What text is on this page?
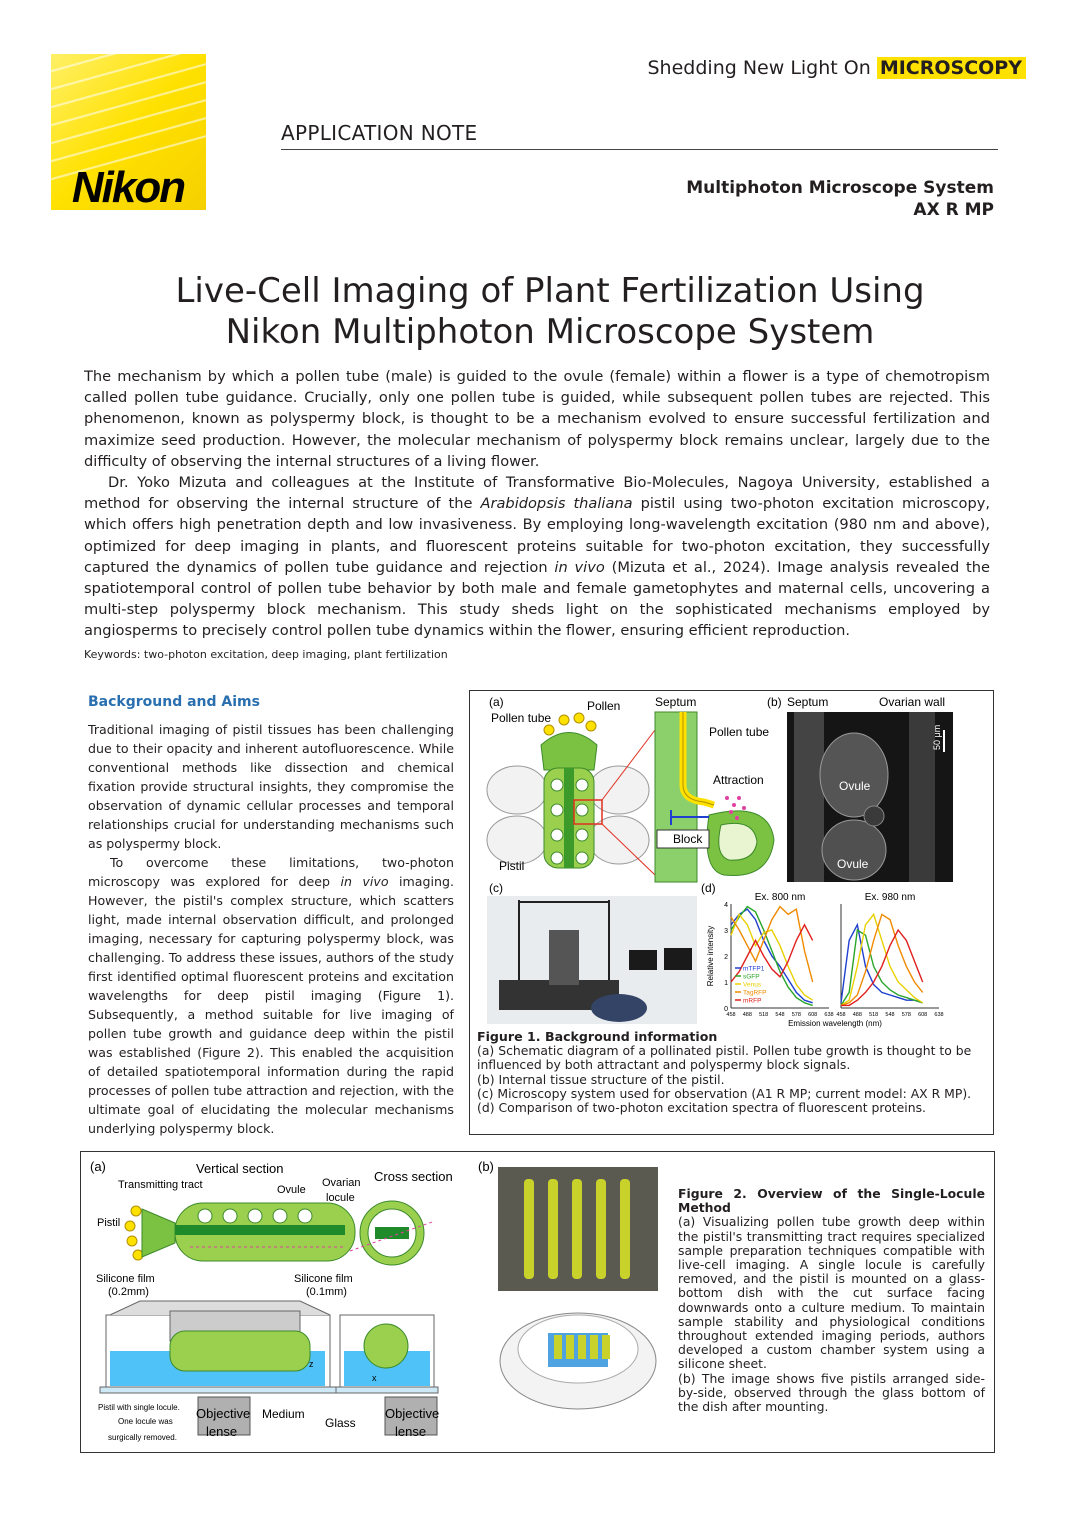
Nikon
Shedding New Light On MICROSCOPY
APPLICATION NOTE
Multiphoton Microscope System
AX R MP
Live-Cell Imaging of Plant Fertilization Using
Nikon Multiphoton Microscope System
The mechanism by which a pollen tube (male) is guided to the ovule (female) within a flower is a type of chemotropism called pollen tube guidance. Crucially, only one pollen tube is guided, while subsequent pollen tubes are rejected. This phenomenon, known as polyspermy block, is thought to be a mechanism evolved to ensure successful fertilization and maximize seed production. However, the molecular mechanism of polyspermy block remains unclear, largely due to the difficulty of observing the internal structures of a living flower.
Dr. Yoko Mizuta and colleagues at the Institute of Transformative Bio-Molecules, Nagoya University, established a method for observing the internal structure of the Arabidopsis thaliana pistil using two-photon excitation microscopy, which offers high penetration depth and low invasiveness. By employing long-wavelength excitation (980 nm and above), optimized for deep imaging in plants, and fluorescent proteins suitable for two-photon excitation, they successfully captured the dynamics of pollen tube guidance and rejection in vivo (Mizuta et al., 2024). Image analysis revealed the spatiotemporal control of pollen tube behavior by both male and female gametophytes and maternal cells, uncovering a multi-step polyspermy block mechanism. This study sheds light on the sophisticated mechanisms employed by angiosperms to precisely control pollen tube dynamics within the flower, ensuring efficient reproduction.
Keywords: two-photon excitation, deep imaging, plant fertilization
Background and Aims
Traditional imaging of pistil tissues has been challenging due to their opacity and inherent autofluorescence. While conventional methods like dissection and chemical fixation provide structural insights, they compromise the observation of dynamic cellular processes and temporal relationships crucial for understanding mechanisms such as polyspermy block.
To overcome these limitations, two-photon microscopy was explored for deep in vivo imaging. However, the pistil's complex structure, which scatters light, made internal observation difficult, and prolonged imaging, necessary for capturing polyspermy block, was challenging. To address these issues, authors of the study first identified optimal fluorescent proteins and excitation wavelengths for deep pistil imaging (Figure 1). Subsequently, a method suitable for live imaging of pollen tube growth and guidance deep within the pistil was established (Figure 2). This enabled the acquisition of detailed spatiotemporal information during the rapid processes of pollen tube attraction and rejection, with the ultimate goal of elucidating the molecular mechanisms underlying polyspermy block.
(a)
Pollen tube
Pollen
Pistil
Septum
Pollen tube
Attraction
Block
(b) Septum	Ovarian wall
Ovule
Ovule
50 μm
(c)	(d)
Ex. 800 nm
0
1
2
3
4
458 488 518 548 578 608 638
Ex. 980 nm
458 488 518 548 578 608 638
Emission wavelength (nm)
Relative intensity	mTFP1
sGFP
Venus
TagRFP
mRFP
Figure 1. Background information
(a) Schematic diagram of a pollinated pistil. Pollen tube growth is thought to be influenced by both attractant and polyspermy block signals.
(b) Internal tissue structure of the pistil.
(c) Microscopy system used for observation (A1 R MP; current model: AX R MP).
(d) Comparison of two-photon excitation spectra of fluorescent proteins.
(a)	Vertical section
Cross section
Transmitting tract	Ovule
Ovarian
locule
Pistil
Silicone film
(0.2mm)
Silicone film
(0.1mm)
z
x
Pistil with single locule.
One locule was
surgically removed.
Objective
lense
Medium
Glass
Objective
lense
(b)
Figure 2. Overview of the Single-Locule Method
(a) Visualizing pollen tube growth deep within the pistil's transmitting tract requires specialized sample preparation techniques compatible with live-cell imaging. A single locule is carefully removed, and the pistil is mounted on a glass-bottom dish with the cut surface facing downwards onto a culture medium. To maintain sample stability and physiological conditions throughout extended imaging periods, authors developed a custom chamber system using a silicone sheet.
(b) The image shows five pistils arranged side-by-side, observed through the glass bottom of the dish after mounting.
